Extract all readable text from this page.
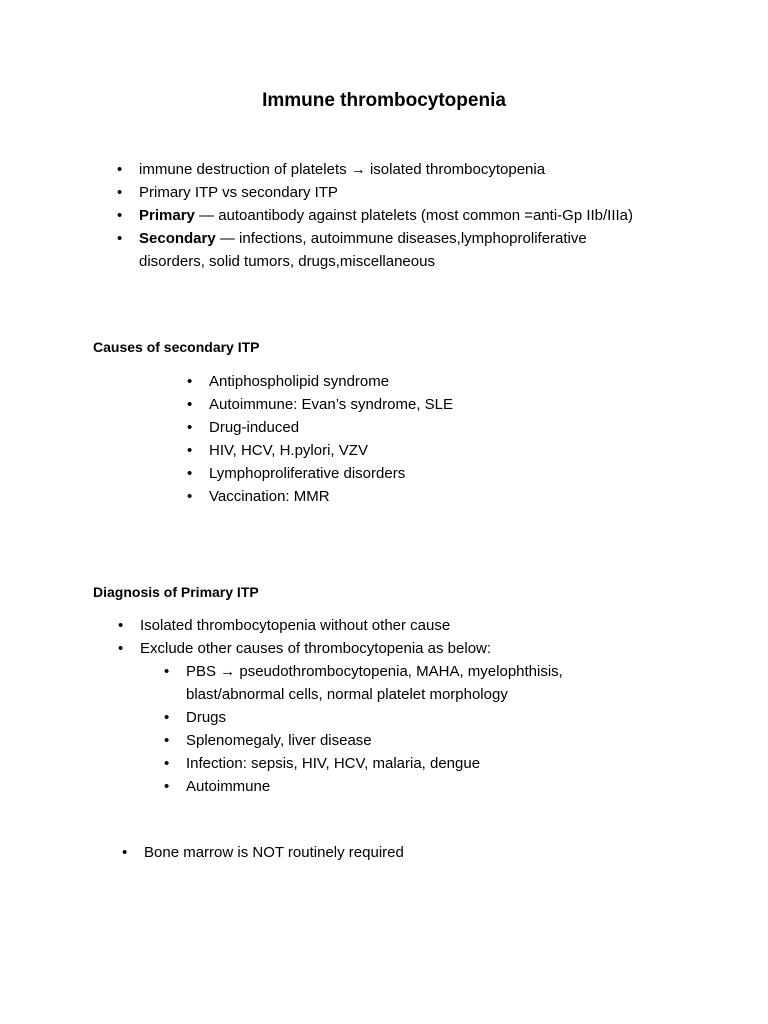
Immune thrombocytopenia
• immune destruction of platelets → isolated thrombocytopenia
• Primary ITP vs secondary ITP
• Primary — autoantibody against platelets (most common =anti-Gp IIb/IIIa)
• Secondary — infections, autoimmune diseases,lymphoproliferative disorders, solid tumors, drugs,miscellaneous
Causes of secondary ITP
• Antiphospholipid syndrome
• Autoimmune: Evan’s syndrome, SLE
• Drug-induced
• HIV, HCV, H.pylori, VZV
• Lymphoproliferative disorders
• Vaccination: MMR
Diagnosis of Primary ITP
• Isolated thrombocytopenia without other cause
• Exclude other causes of thrombocytopenia as below:
• PBS → pseudothrombocytopenia, MAHA, myelophthisis, blast/abnormal cells, normal platelet morphology
• Drugs
• Splenomegaly, liver disease
• Infection: sepsis, HIV, HCV, malaria, dengue
• Autoimmune
• Bone marrow is NOT routinely required
